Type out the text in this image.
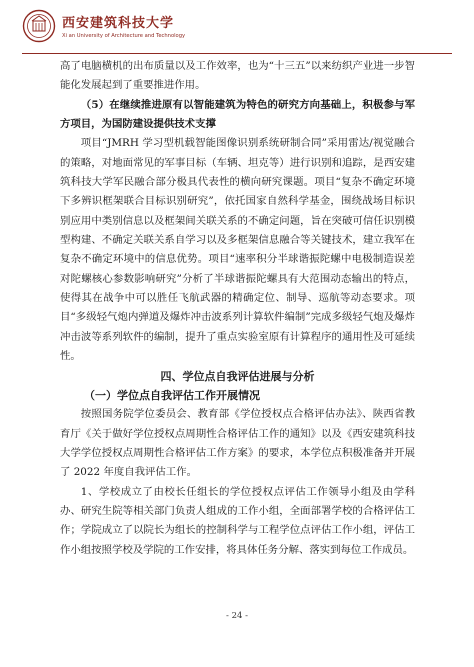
西安建筑科技大学
Xi an University of Architecture and Technology

高了电脑横机的出布质量以及工作效率，也为“十三五”以来纺织产业进一步智能化发展起到了重要推进作用。

（5）在继续推进原有以智能建筑为特色的研究方向基础上，积极参与军方项目，为国防建设提供技术支撑

项目“JMRH 学习型机载智能图像识别系统研制合同”采用雷达/视觉融合的策略，对地面常见的军事目标（车辆、坦克等）进行识别和追踪，是西安建筑科技大学军民融合部分极具代表性的横向研究课题。项目“复杂不确定环境下多辨识框架联合目标识别研究”，依托国家自然科学基金，围绕战场目标识别应用中类别信息以及框架间关联关系的不确定问题，旨在突破可信任识别模型构建、不确定关联关系自学习以及多框架信息融合等关键技术，建立我军在复杂不确定环境中的信息优势。项目“速率积分半球谐振陀螺中电极制造误差对陀螺核心参数影响研究”分析了半球谐振陀螺具有大范围动态输出的特点，使得其在战争中可以胜任飞航武器的精确定位、制导、巡航等动态要求。项目“多级轻气炮内弹道及爆炸冲击波系列计算软件编制”完成多级轻气炮及爆炸冲击波等系列软件的编制，提升了重点实验室原有计算程序的通用性及可延续性。

四、学位点自我评估进展与分析

（一）学位点自我评估工作开展情况

按照国务院学位委员会、教育部《学位授权点合格评估办法》、陕西省教育厅《关于做好学位授权点周期性合格评估工作的通知》以及《西安建筑科技大学学位授权点周期性合格评估工作方案》的要求，本学位点积极准备并开展了 2022 年度自我评估工作。

1、学校成立了由校长任组长的学位授权点评估工作领导小组及由学科办、研究生院等相关部门负责人组成的工作小组，全面部署学校的合格评估工作；学院成立了以院长为组长的控制科学与工程学位点评估工作小组，评估工作小组按照学校及学院的工作安排，将具体任务分解、落实到每位工作成员。

- 24 -
